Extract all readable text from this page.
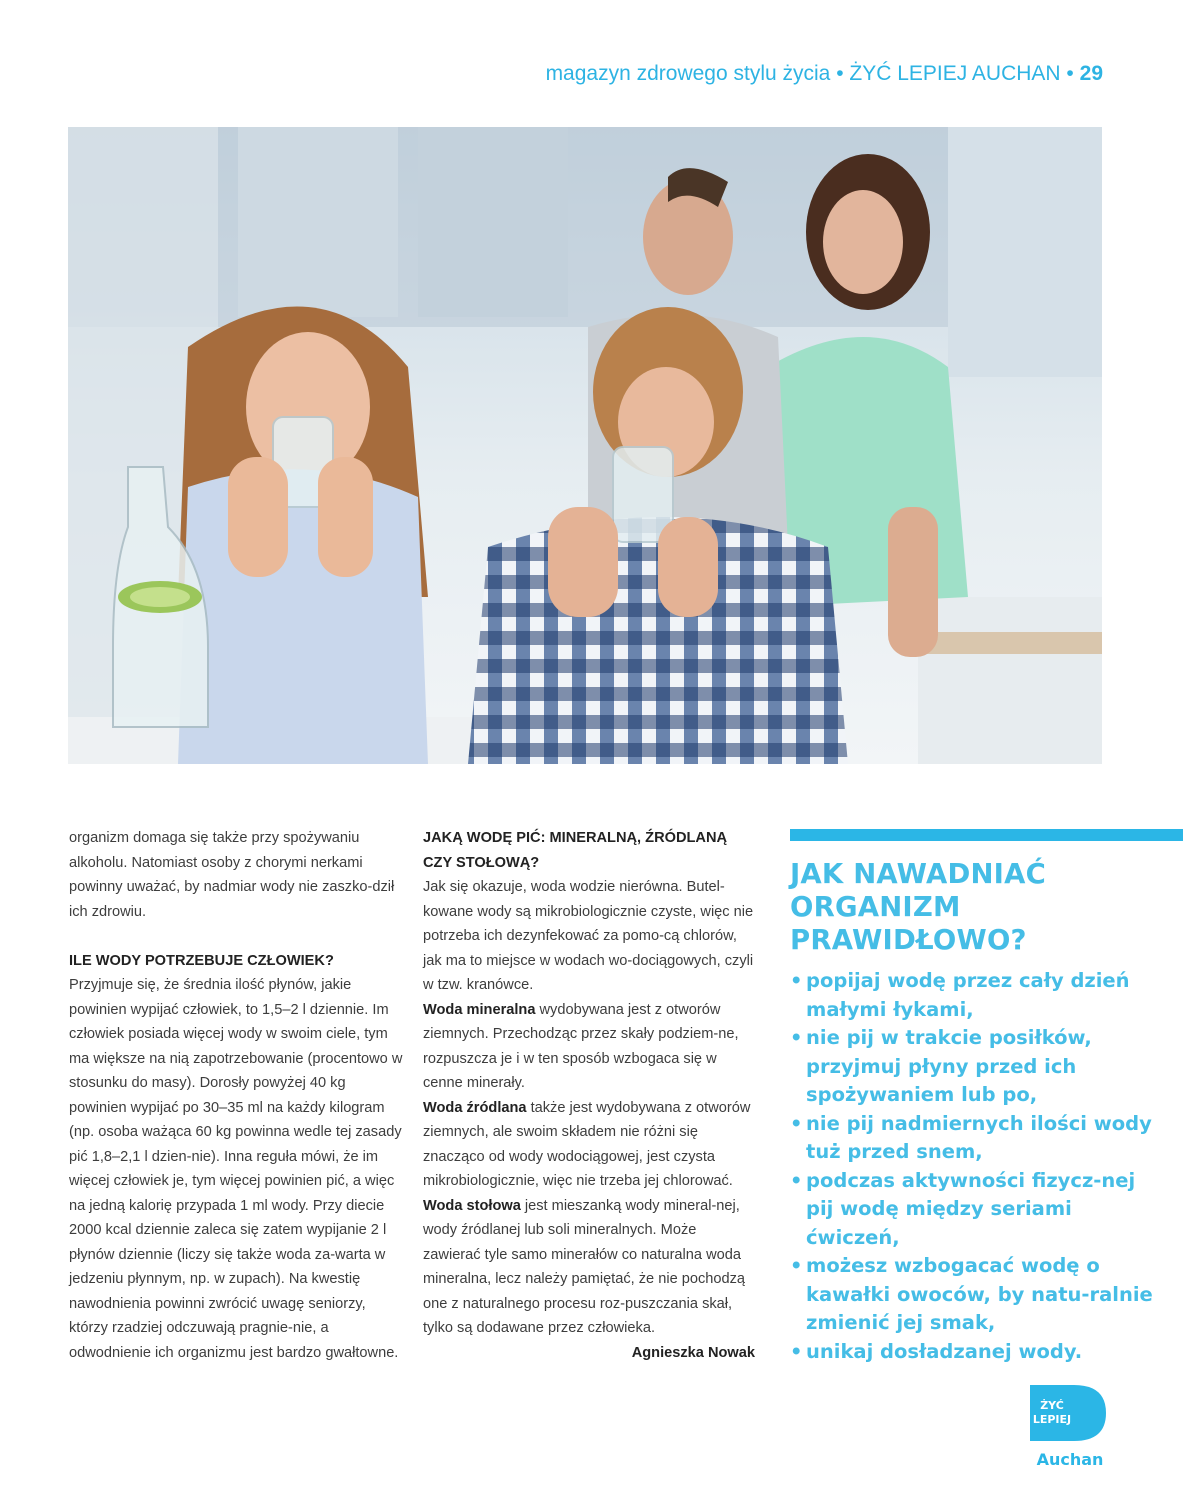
magazyn zdrowego stylu życia • ŻYĆ LEPIEJ AUCHAN • 29

organizm domaga się także przy spożywaniu alkoholu. Natomiast osoby z chorymi nerkami powinny uważać, by nadmiar wody nie zaszko-dził ich zdrowiu.

ILE WODY POTRZEBUJE CZŁOWIEK?

Przyjmuje się, że średnia ilość płynów, jakie powinien wypijać człowiek, to 1,5–2 l dziennie. Im człowiek posiada więcej wody w swoim ciele, tym ma większe na nią zapotrzebowanie (procentowo w stosunku do masy). Dorosły powyżej 40 kg powinien wypijać po 30–35 ml na każdy kilogram (np. osoba ważąca 60 kg powinna wedle tej zasady pić 1,8–2,1 l dzien-nie). Inna reguła mówi, że im więcej człowiek je, tym więcej powinien pić, a więc na jedną kalorię przypada 1 ml wody. Przy diecie 2000 kcal dziennie zaleca się zatem wypijanie 2 l płynów dziennie (liczy się także woda za-warta w jedzeniu płynnym, np. w zupach). Na kwestię nawodnienia powinni zwrócić uwagę seniorzy, którzy rzadziej odczuwają pragnie-nie, a odwodnienie ich organizmu jest bardzo gwałtowne.

JAKĄ WODĘ PIĆ: MINERALNĄ, ŹRÓDLANĄ CZY STOŁOWĄ?

Jak się okazuje, woda wodzie nierówna. Butel-kowane wody są mikrobiologicznie czyste, więc nie potrzeba ich dezynfekować za pomo-cą chlorów, jak ma to miejsce w wodach wo-dociągowych, czyli w tzw. kranówce.

Woda mineralna wydobywana jest z otworów ziemnych. Przechodząc przez skały podziem-ne, rozpuszcza je i w ten sposób wzbogaca się w cenne minerały.

Woda źródlana także jest wydobywana z otworów ziemnych, ale swoim składem nie różni się znacząco od wody wodociągowej, jest czysta mikrobiologicznie, więc nie trzeba jej chlorować.

Woda stołowa jest mieszanką wody mineral-nej, wody źródlanej lub soli mineralnych. Może zawierać tyle samo minerałów co naturalna woda mineralna, lecz należy pamiętać, że nie pochodzą one z naturalnego procesu roz-puszczania skał, tylko są dodawane przez człowieka.

Agnieszka Nowak

JAK NAWADNIAĆ ORGANIZM PRAWIDŁOWO?
• popijaj wodę przez cały dzień małymi łykami,
• nie pij w trakcie posiłków, przyjmuj płyny przed ich spożywaniem lub po,
• nie pij nadmiernych ilości wody tuż przed snem,
• podczas aktywności fizycz-nej pij wodę między seriami ćwiczeń,
• możesz wzbogacać wodę o kawałki owoców, by natu-ralnie zmienić jej smak,
• unikaj dosładzanej wody.
ŻYĆ
LEPIEJ
Auchan
